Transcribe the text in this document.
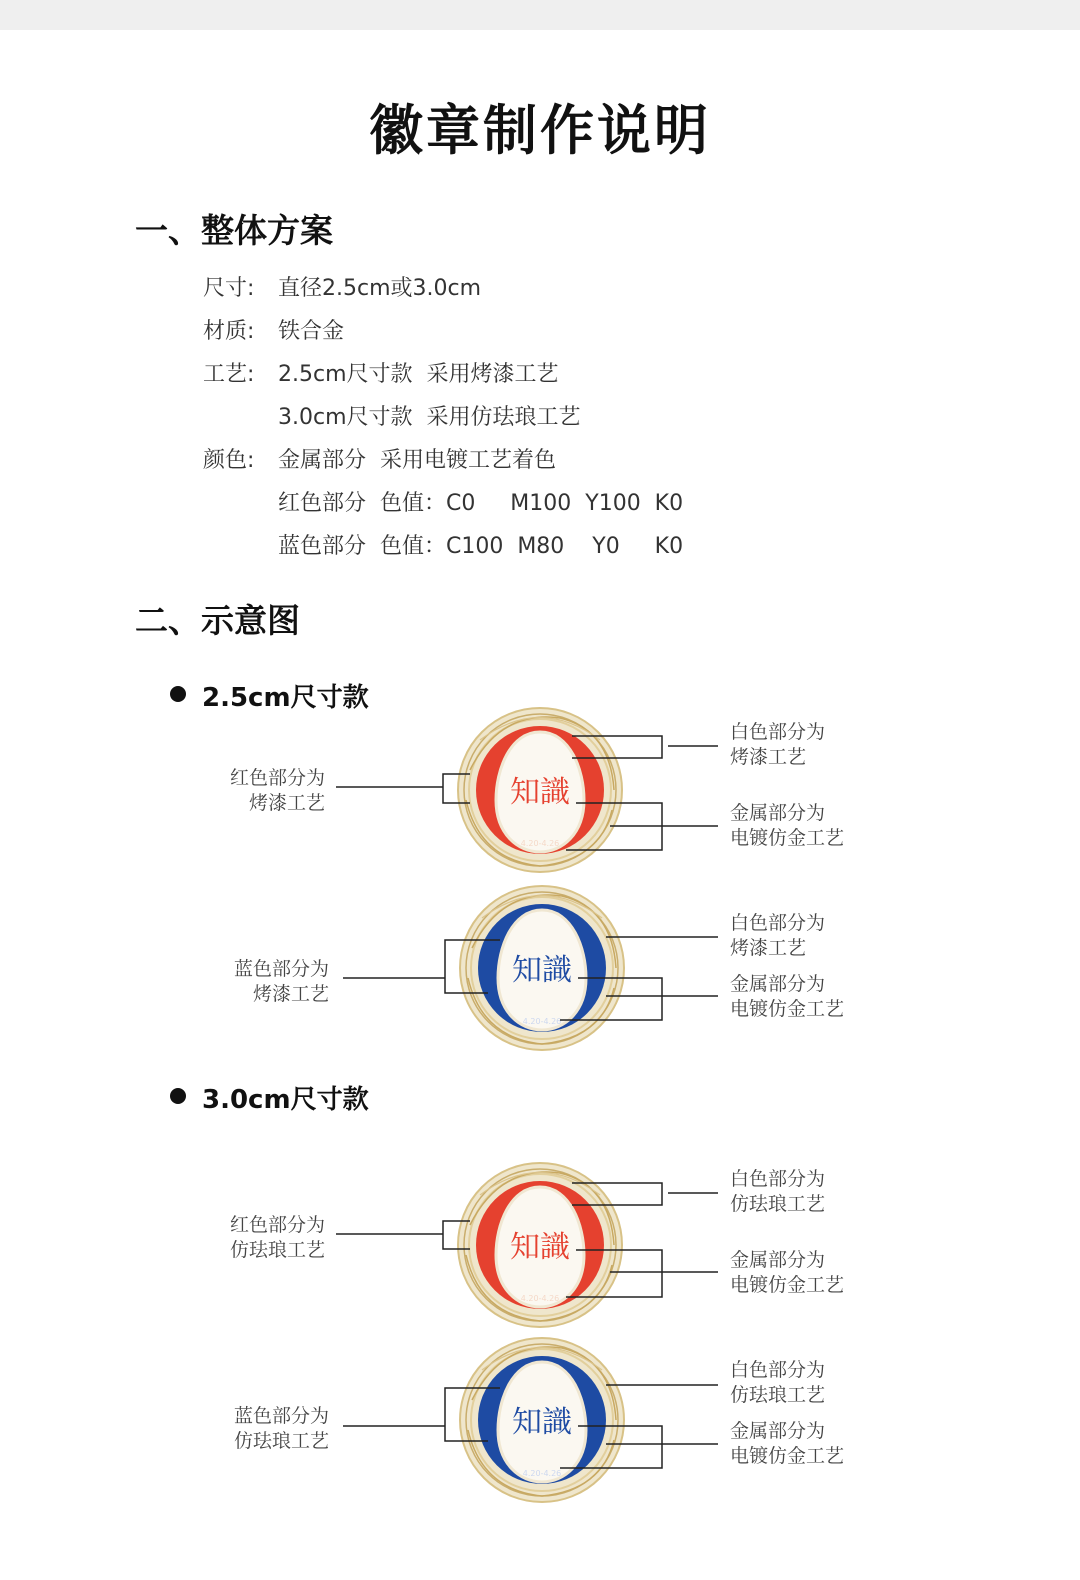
徽章制作说明
一、整体方案
尺寸: 直径2.5cm或3.0cm
材质: 铁合金
工艺: 2.5cm尺寸款  采用烤漆工艺
3.0cm尺寸款  采用仿珐琅工艺
颜色: 金属部分  采用电镀工艺着色
红色部分  色值：C0     M100  Y100  K0
蓝色部分  色值：C100  M80    Y0     K0
二、示意图
2.5cm尺寸款
3.0cm尺寸款
知識
4.20-4.26
知識
4.20-4.26
知識
4.20-4.26
知識
4.20-4.26
红色部分为
烤漆工艺
白色部分为
烤漆工艺
金属部分为
电镀仿金工艺
蓝色部分为
烤漆工艺
白色部分为
烤漆工艺
金属部分为
电镀仿金工艺
红色部分为
仿珐琅工艺
白色部分为
仿珐琅工艺
金属部分为
电镀仿金工艺
蓝色部分为
仿珐琅工艺
白色部分为
仿珐琅工艺
金属部分为
电镀仿金工艺
